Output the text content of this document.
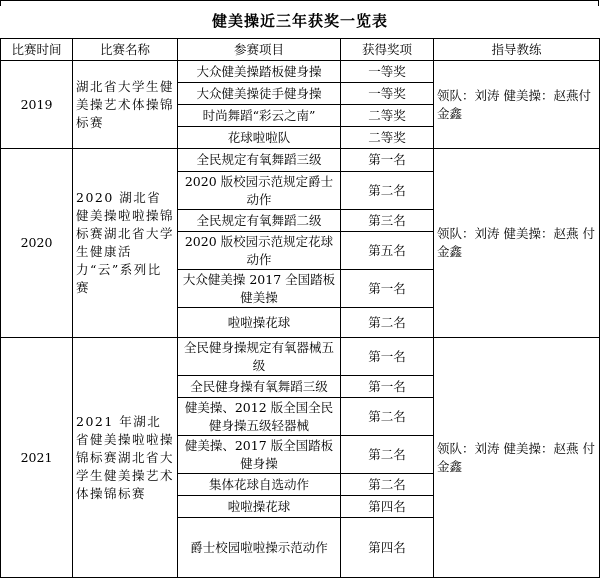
健美操近三年获奖一览表
比赛时间	比赛名称	参赛项目	获得奖项	指导教练
2019	湖北省大学生健美操艺术体操锦标赛	大众健美操踏板健身操	一等奖	领队：刘涛 健美操：赵燕付金鑫
		大众健美操徒手健身操	一等奖	
		时尚舞蹈“彩云之南”	二等奖	
		花球啦啦队	二等奖	
2020	2020 湖北省健美操啦啦操锦标赛湖北省大学生健康活力“云”系列比赛	全民规定有氧舞蹈三级	第一名	领队：刘涛 健美操：赵燕 付金鑫
		2020 版校园示范规定爵士动作	第二名	
		全民规定有氧舞蹈二级	第三名	
		2020 版校园示范规定花球动作	第五名	
		大众健美操 2017 全国踏板健美操	第一名	
		啦啦操花球	第二名	
2021	2021 年湖北省健美操啦啦操锦标赛湖北省大学生健美操艺术体操锦标赛	全民健身操规定有氧器械五级	第一名	领队：刘涛 健美操：赵燕 付金鑫
		全民健身操有氧舞蹈三级	第一名	
		健美操、2012 版全国全民健身操五级轻器械	第二名	
		健美操、2017 版全国踏板健身操	第二名	
		集体花球自选动作	第二名	
		啦啦操花球	第四名	
		爵士校园啦啦操示范动作	第四名	
